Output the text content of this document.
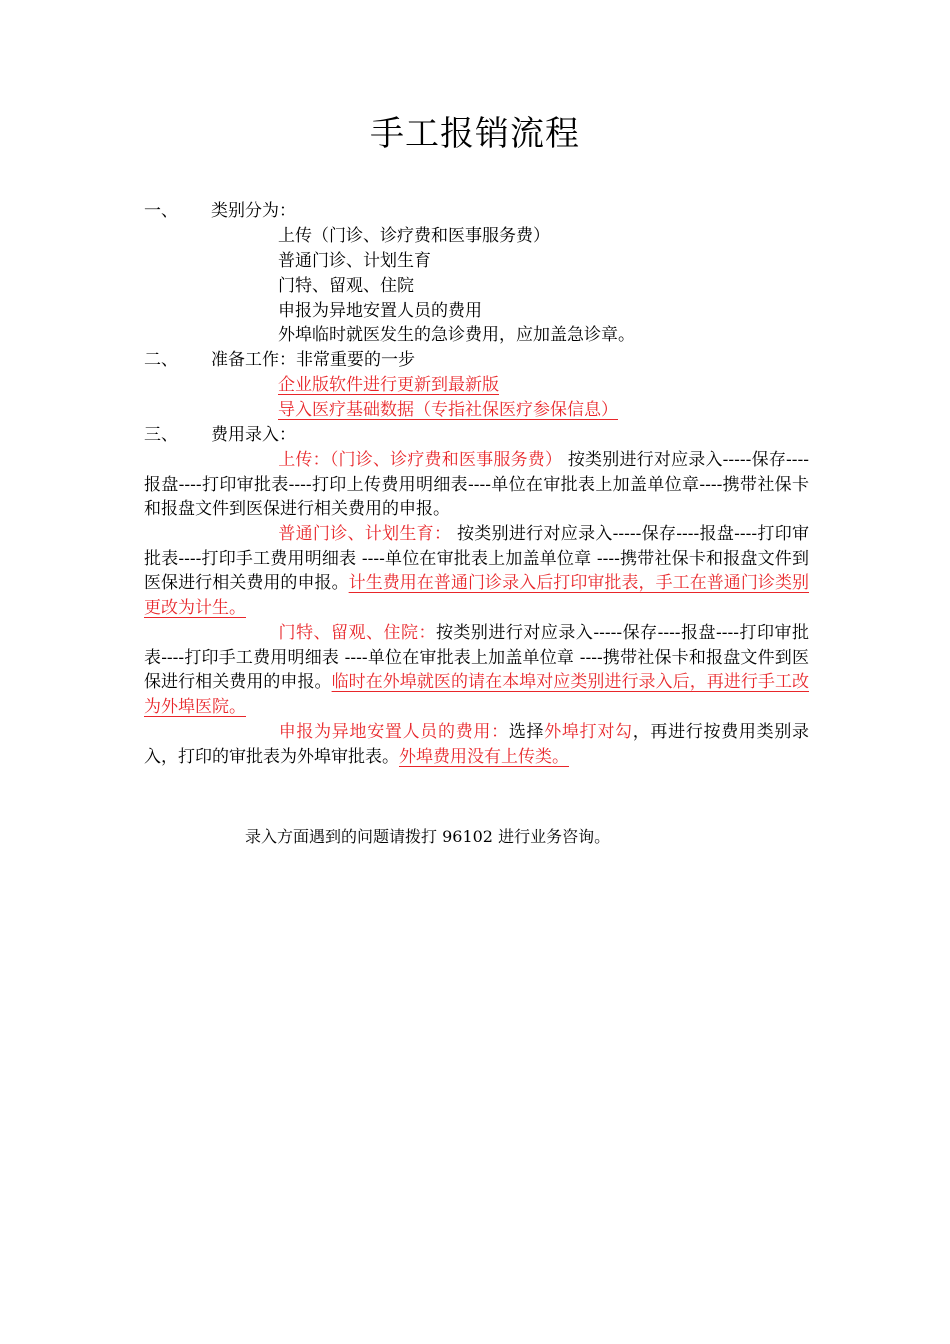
手工报销流程
一、 类别分为：
上传（门诊、诊疗费和医事服务费）
普通门诊、计划生育
门特、留观、住院
申报为异地安置人员的费用
外埠临时就医发生的急诊费用，应加盖急诊章。
二、 准备工作：非常重要的一步
企业版软件进行更新到最新版
导入医疗基础数据（专指社保医疗参保信息）
三、 费用录入：
上传：（门诊、诊疗费和医事服务费） 按类别进行对应录入-----保存----报盘----打印审批表----打印上传费用明细表----单位在审批表上加盖单位章----携带社保卡和报盘文件到医保进行相关费用的申报。
普通门诊、计划生育： 按类别进行对应录入-----保存----报盘----打印审批表----打印手工费用明细表 ----单位在审批表上加盖单位章 ----携带社保卡和报盘文件到医保进行相关费用的申报。计生费用在普通门诊录入后打印审批表，手工在普通门诊类别更改为计生。
门特、留观、住院：按类别进行对应录入-----保存----报盘----打印审批表----打印手工费用明细表 ----单位在审批表上加盖单位章 ----携带社保卡和报盘文件到医保进行相关费用的申报。临时在外埠就医的请在本埠对应类别进行录入后，再进行手工改为外埠医院。
申报为异地安置人员的费用：选择外埠打对勾，再进行按费用类别录入，打印的审批表为外埠审批表。外埠费用没有上传类。
录入方面遇到的问题请拨打 96102 进行业务咨询。
